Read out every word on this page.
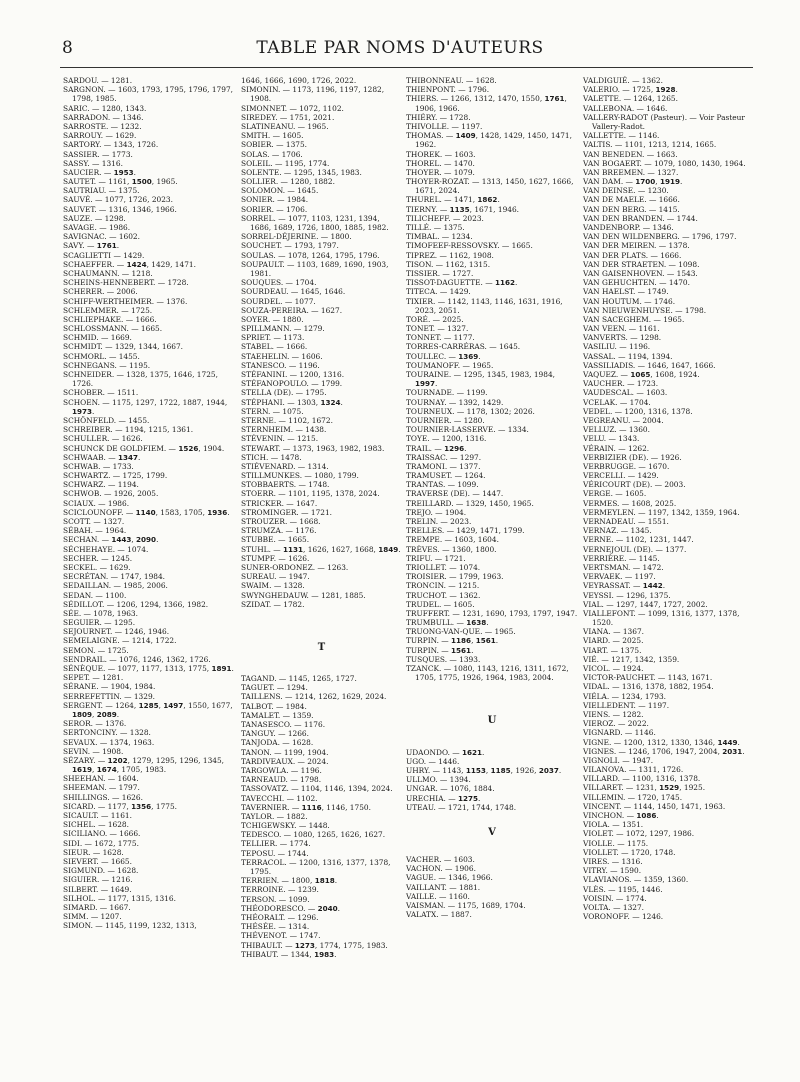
8	TABLE PAR NOMS D'AUTEURS
SARDOU. — 1281.
SARGNON. — 1603, 1793, 1795, 1796, 1797, 1798, 1985.
SARIC. — 1280, 1343.
SARRADON. — 1346.
SARROSTE. — 1232.
SARROUY. — 1629.
SARTORY. — 1343, 1726.
SASSIER. — 1773.
SASSY. — 1316.
SAUCIER. — 1953.
SAUTET. — 1161, 1500, 1965.
SAUTRIAU. — 1375.
SAUVÉ. — 1077, 1726, 2023.
SAUVET. — 1316, 1346, 1966.
SAUZE. — 1298.
SAVAGE. — 1986.
SAVIGNAC. — 1602.
SAVY. — 1761.
SCAGLIETTI — 1429.
SCHAEFFER. — 1424, 1429, 1471.
SCHAUMANN. — 1218.
SCHEINS-HENNEBERT. — 1728.
SCHERER. — 2006.
SCHIFF-WERTHEIMER. — 1376.
SCHLEMMER. — 1725.
SCHLIEPHAKE. — 1666.
SCHLOSSMANN. — 1665.
SCHMID. — 1669.
SCHMIDT. — 1329, 1344, 1667.
SCHMORL. — 1455.
SCHNEGANS. — 1195.
SCHNEIDER. — 1328, 1375, 1646, 1725, 1726.
SCHOBER. — 1511.
SCHOEN. — 1175, 1297, 1722, 1887, 1944, 1973.
SCHÖNFELD. — 1455.
SCHREIBER. — 1194, 1215, 1361.
SCHULLER. — 1626.
SCHUNCK DE GOLDFIEM. — 1526, 1904.
SCHWAAB. — 1347.
SCHWAB. — 1733.
SCHWARTZ. — 1725, 1799.
SCHWARZ. — 1194.
SCHWOB. — 1926, 2005.
SCIAUX. — 1986.
SCICLOUNOFF. — 1140, 1583, 1705, 1936.
SCOTT. — 1327.
SÉBAH. — 1964.
SECHAN. — 1443, 2090.
SÉCHEHAYE. — 1074.
SECHER. — 1245.
SECKEL. — 1629.
SECRÉTAN. — 1747, 1984.
SEDAILLAN. — 1985, 2006.
SEDAN. — 1100.
SÉDILLOT. — 1206, 1294, 1366, 1982.
SÉE. — 1078, 1963.
SEGUIER. — 1295.
SEJOURNET. — 1246, 1946.
SEMELAIGNE. — 1214, 1722.
SEMON. — 1725.
SENDRAIL. — 1076, 1246, 1362, 1726.
SÉNÈQUE. — 1077, 1177, 1313, 1775, 1891.
SEPET. — 1281.
SÉRANE. — 1904, 1984.
SERREFETTIN. — 1329.
SERGENT. — 1264, 1285, 1497, 1550, 1677, 1809, 2089.
SEROR. — 1376.
SERTONCINY. — 1328.
SEVAUX. — 1374, 1963.
SEVIN. — 1908.
SÉZARY. — 1202, 1279, 1295, 1296, 1345, 1619, 1674, 1705, 1983.
SHEEHAN. — 1604.
SHEEMAN. — 1797.
SHILLINGS. — 1626.
SICARD. — 1177, 1356, 1775.
SICAULT. — 1161.
SICHEL. — 1628.
SICILIANO. — 1666.
SIDI. — 1672, 1775.
SIEUR. — 1628.
SIEVERT. — 1665.
SIGMUND. — 1628.
SIGUIER. — 1216.
SILBERT. — 1649.
SILHOL. — 1177, 1315, 1316.
SIMARD. — 1667.
SIMM. — 1207.
SIMON. — 1145, 1199, 1232, 1313,
1646, 1666, 1690, 1726, 2022.
SIMONIN. — 1173, 1196, 1197, 1282, 1908.
SIMONNET. — 1072, 1102.
SIREDEY. — 1751, 2021.
SLATINEANU. — 1965.
SMITH. — 1605.
SOBIER. — 1375.
SOLAS. — 1706.
SOLEIL. — 1195, 1774.
SOLENTE. — 1295, 1345, 1983.
SOLLIER. — 1280, 1882.
SOLOMON. — 1645.
SONIER. — 1984.
SORIER. — 1706.
SORREL. — 1077, 1103, 1231, 1394, 1686, 1689, 1726, 1800, 1885, 1982.
SORREL-DÉJERINE. — 1800.
SOUCHET. — 1793, 1797.
SOULAS. — 1078, 1264, 1795, 1796.
SOUPAULT. — 1103, 1689, 1690, 1903, 1981.
SOUQUES. — 1704.
SOURDEAU. — 1645, 1646.
SOURDEL. — 1077.
SOUZA-PEREIRA. — 1627.
SOYER. — 1880.
SPILLMANN. — 1279.
SPRIET. — 1173.
STABEL. — 1666.
STAEHELIN. — 1606.
STANESCO. — 1196.
STÉFANINI. — 1200, 1316.
STÉFANOPOULO. — 1799.
STELLA (DE). — 1795.
STÉPHANI. — 1303, 1324.
STERN. — 1075.
STERNE. — 1102, 1672.
STERNHEIM. — 1438.
STÉVENIN. — 1215.
STEWART. — 1373, 1963, 1982, 1983.
STICH. — 1478.
STIÉVENARD. — 1314.
STILLMUNKES. — 1080, 1799.
STOBBAERTS. — 1748.
STOERR. — 1101, 1195, 1378, 2024.
STRICKER. — 1647.
STROMINGER. — 1721.
STROUZER. — 1668.
STRUMZA. — 1176.
STUBBE. — 1665.
STUHL. — 1131, 1626, 1627, 1668, 1849.
STUMPF. — 1626.
SUNER-ORDONEZ. — 1263.
SUREAU. — 1947.
SWAIM. — 1328.
SWYNGHEDAUW. — 1281, 1885.
SZIDAT. — 1782.
T
TAGAND. — 1145, 1265, 1727.
TAGUET. — 1294.
TAILLENS. — 1214, 1262, 1629, 2024.
TALBOT. — 1984.
TAMALET. — 1359.
TANASESCO. — 1176.
TANGUY. — 1266.
TANJODA. — 1628.
TANON. — 1199, 1904.
TARDIVEAUX. — 2024.
TARGOWLA. — 1196.
TARNEAUD. — 1798.
TASSOVATZ. — 1104, 1146, 1394, 2024.
TAVECCHI. — 1102.
TAVERNIER. — 1116, 1146, 1750.
TAYLOR. — 1882.
TCHIGEWSKY. — 1448.
TEDESCO. — 1080, 1265, 1626, 1627.
TELLIER. — 1774.
TEPOSU. — 1744.
TERRACOL. — 1200, 1316, 1377, 1378, 1795.
TERRIEN. — 1800, 1818.
TERROINE. — 1239.
TERSON. — 1099.
THÉODORESCO. — 2040.
THÉORALT. — 1296.
THÉSÉE. — 1314.
THÉVENOT. — 1747.
THIBAULT. — 1273, 1774, 1775, 1983.
THIBAUT. — 1344, 1983.
THIBONNEAU. — 1628.
THIENPONT. — 1796.
THIERS. — 1266, 1312, 1470, 1550, 1761, 1906, 1966.
THIÉRY. — 1728.
THIVOLLE. — 1197.
THOMAS. — 1409, 1428, 1429, 1450, 1471, 1962.
THOREK. — 1603.
THOREL. — 1470.
THOYER. — 1079.
THOYER-ROZAT. — 1313, 1450, 1627, 1666, 1671, 2024.
THUREL. — 1471, 1862.
TIERNY. — 1135, 1671, 1946.
TILICHEFF. — 2023.
TILLÉ. — 1375.
TIMBAL. — 1234.
TIMOFEEF-RESSOVSKY. — 1665.
TIPREZ. — 1162, 1908.
TISON. — 1162, 1315.
TISSIER. — 1727.
TISSOT-DAGUETTE. — 1162.
TITECA. — 1429.
TIXIER. — 1142, 1143, 1146, 1631, 1916, 2023, 2051.
TORÉ. — 2025.
TONET. — 1327.
TONNET. — 1177.
TORRES-CARRÉRAS. — 1645.
TOULLEC. — 1369.
TOUMANOFF. — 1965.
TOURAINE. — 1295, 1345, 1983, 1984, 1997.
TOURNADE. — 1199.
TOURNAY. — 1392, 1429.
TOURNEUX. — 1178, 1302; 2026.
TOURNIER. — 1280.
TOURNIER-LASSERVE. — 1334.
TOYE. — 1200, 1316.
TRAIL. — 1296.
TRAISSAC. — 1297.
TRAMONI. — 1377.
TRAMUSET. — 1264.
TRANTAS. — 1099.
TRAVERSE (DE). — 1447.
TREILLARD. — 1329, 1450, 1965.
TREJO. — 1904.
TRELIN. — 2023.
TRELLES. — 1429, 1471, 1799.
TREMPE. — 1603, 1604.
TRÈVES. — 1360, 1800.
TRIFU. — 1721.
TRIOLLET. — 1074.
TROISIER. — 1799, 1963.
TRONCIN. — 1215.
TRUCHOT. — 1362.
TRUDEL. — 1605.
TRUFFERT. — 1231, 1690, 1793, 1797, 1947.
TRUMBULL. — 1638.
TRUONG-VAN-QUE. — 1965.
TURPIN. — 1186, 1561.
TURPIN. — 1561.
TUSQUES. — 1393.
TZANCK. — 1080, 1143, 1216, 1311, 1672, 1705, 1775, 1926, 1964, 1983, 2004.
U
UDAONDO. — 1621.
UGO. — 1446.
UHRY. — 1143, 1153, 1185, 1926, 2037.
ULLMO. — 1394.
UNGAR. — 1076, 1884.
URECHIA. — 1275.
UTEAU. — 1721, 1744, 1748.
V
VACHER. — 1603.
VACHON. — 1906.
VAGUE. — 1346, 1966.
VAILLANT. — 1881.
VAILLE. — 1160.
VAISMAN. — 1175, 1689, 1704.
VALATX. — 1887.
VALDIGUIÉ. — 1362.
VALERIO. — 1725, 1928.
VALETTE. — 1264, 1265.
VALLEBONA. — 1646.
VALLERY-RADOT (Pasteur). — Voir Pasteur Vallery-Radot.
VALLETTE. — 1146.
VALTIS. — 1101, 1213, 1214, 1665.
VAN BENEDEN. — 1663.
VAN BOGAERT. — 1079, 1080, 1430, 1964.
VAN BREEMEN. — 1327.
VAN DAM. — 1700, 1919.
VAN DEINSE. — 1230.
VAN DE MAELE. — 1666.
VAN DEN BERG. — 1415.
VAN DEN BRANDEN. — 1744.
VANDENBORP. — 1346.
VAN DEN WILDENBERG. — 1796, 1797.
VAN DER MEIREN. — 1378.
VAN DER PLATS. — 1666.
VAN DER STRAETEN. — 1098.
VAN GAISENHOVEN. — 1543.
VAN GEHUCHTEN. — 1470.
VAN HAELST. — 1749.
VAN HOUTUM. — 1746.
VAN NIEUWENHUYSE. — 1798.
VAN SACEGHEM. — 1965.
VAN VEEN. — 1161.
VANVERTS. — 1298.
VASILIU. — 1196.
VASSAL. — 1194, 1394.
VASSILIADIS. — 1646, 1647, 1666.
VAQUEZ. — 1065, 1608, 1924.
VAUCHER. — 1723.
VAUDESCAL. — 1603.
VCELAK. — 1704.
VEDEL. — 1200, 1316, 1378.
VEGREANU. — 2004.
VELLUZ. — 1360.
VELU. — 1343.
VÉRAIN. — 1262.
VERBIZIER (DE). — 1926.
VERBRUGGE. — 1670.
VERCELLI. — 1429.
VÉRICOURT (DE). — 2003.
VERGE. — 1605.
VERMES. — 1608, 2025.
VERMEYLEN. — 1197, 1342, 1359, 1964.
VERNADEAU. — 1551.
VERNAZ. — 1345.
VERNE. — 1102, 1231, 1447.
VERNEJOUL (DE). — 1377.
VERRIÈRE. — 1145.
VERTSMAN. — 1472.
VERVAEK. — 1197.
VEYRASSAT. — 1442.
VEYSSI. — 1296, 1375.
VIAL. — 1297, 1447, 1727, 2002.
VIALLEFONT. — 1099, 1316, 1377, 1378, 1520.
VIANA. — 1367.
VIARD. — 2025.
VIART. — 1375.
VIÉ. — 1217, 1342, 1359.
VICOL. — 1924.
VICTOR-PAUCHET. — 1143, 1671.
VIDAL. — 1316, 1378, 1882, 1954.
VIÉLA. — 1234, 1793.
VIELLEDENT. — 1197.
VIENS. — 1282.
VIEROZ. — 2022.
VIGNARD. — 1146.
VIGNE. — 1200, 1312, 1330, 1346, 1449.
VIGNES. — 1246, 1706, 1947, 2004, 2031.
VIGNOLI. — 1947.
VILANOVA. — 1311, 1726.
VILLARD. — 1100, 1316, 1378.
VILLARET. — 1231, 1529, 1925.
VILLEMIN. — 1720, 1745.
VINCENT. — 1144, 1450, 1471, 1963.
VINCHON. — 1086.
VIOLA. — 1351.
VIOLET. — 1072, 1297, 1986.
VIOLLE. — 1175.
VIOLLET. — 1720, 1748.
VIRES. — 1316.
VITRY. — 1590.
VLAVIANOS. — 1359, 1360.
VLÈS. — 1195, 1446.
VOISIN. — 1774.
VOLTA. — 1327.
VORONOFF. — 1246.
